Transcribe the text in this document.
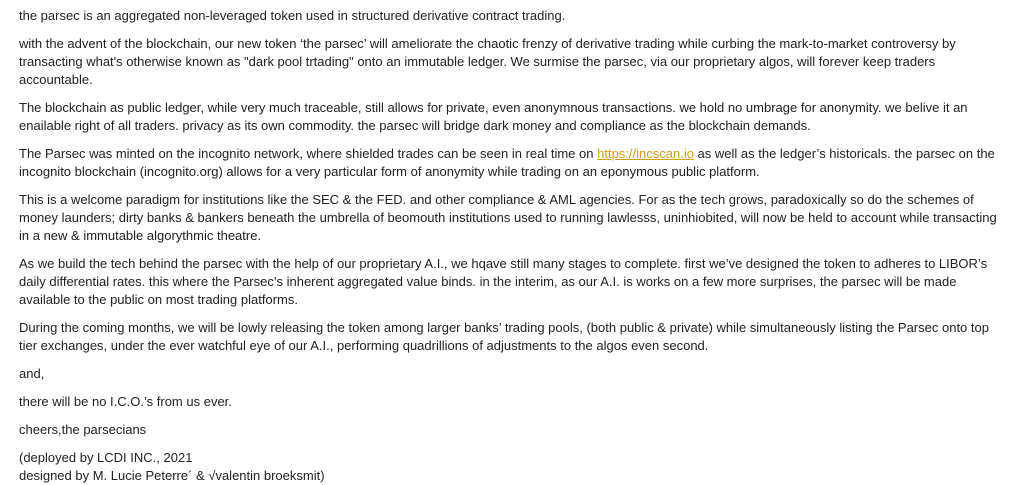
the parsec is an aggregated non-leveraged token used in structured derivative contract trading.

with the advent of the blockchain, our new token ‘the parsec’ will ameliorate the chaotic frenzy of derivative trading while curbing the mark-to-market controversy by transacting what's otherwise known as "dark pool trtading" onto an immutable ledger. We surmise the parsec, via our proprietary algos, will forever keep traders accountable.

The blockchain as public ledger, while very much traceable, still allows for private, even anonymnous transactions. we hold no umbrage for anonymity. we belive it an enailable right of all traders. privacy as its own commodity. the parsec will bridge dark money and compliance as the blockchain demands.

The Parsec was minted on the incognito network, where shielded trades can be seen in real time on https://incscan.io as well as the ledger’s historicals. the parsec on the incognito blockchain (incognito.org) allows for a very particular form of anonymity while trading on an eponymous public platform.

This is a welcome paradigm for institutions like the SEC & the FED. and other compliance & AML agencies. For as the tech grows, paradoxically so do the schemes of money launders; dirty banks & bankers beneath the umbrella of beomouth institutions used to running lawlesss, uninhiobited, will now be held to account while transacting in a new & immutable algorythmic theatre.

As we build the tech behind the parsec with the help of our proprietary A.I., we hqave still many stages to complete. first we’ve designed the token to adheres to LIBOR’s daily differential rates. this where the Parsec’s inherent aggregated value binds. in the interim, as our A.I. is works on a few more surprises, the parsec will be made available to the public on most trading platforms.

During the coming months, we will be lowly releasing the token among larger banks’ trading pools, (both public & private) while simultaneously listing the Parsec onto top tier exchanges, under the ever watchful eye of our A.I., performing quadrillions of adjustments to the algos even second.

and,

there will be no I.C.O.’s from us ever.

cheers,the parsecians

(deployed by LCDI INC., 2021
designed by M. Lucie Peterre´ & √valentin broeksmit)
